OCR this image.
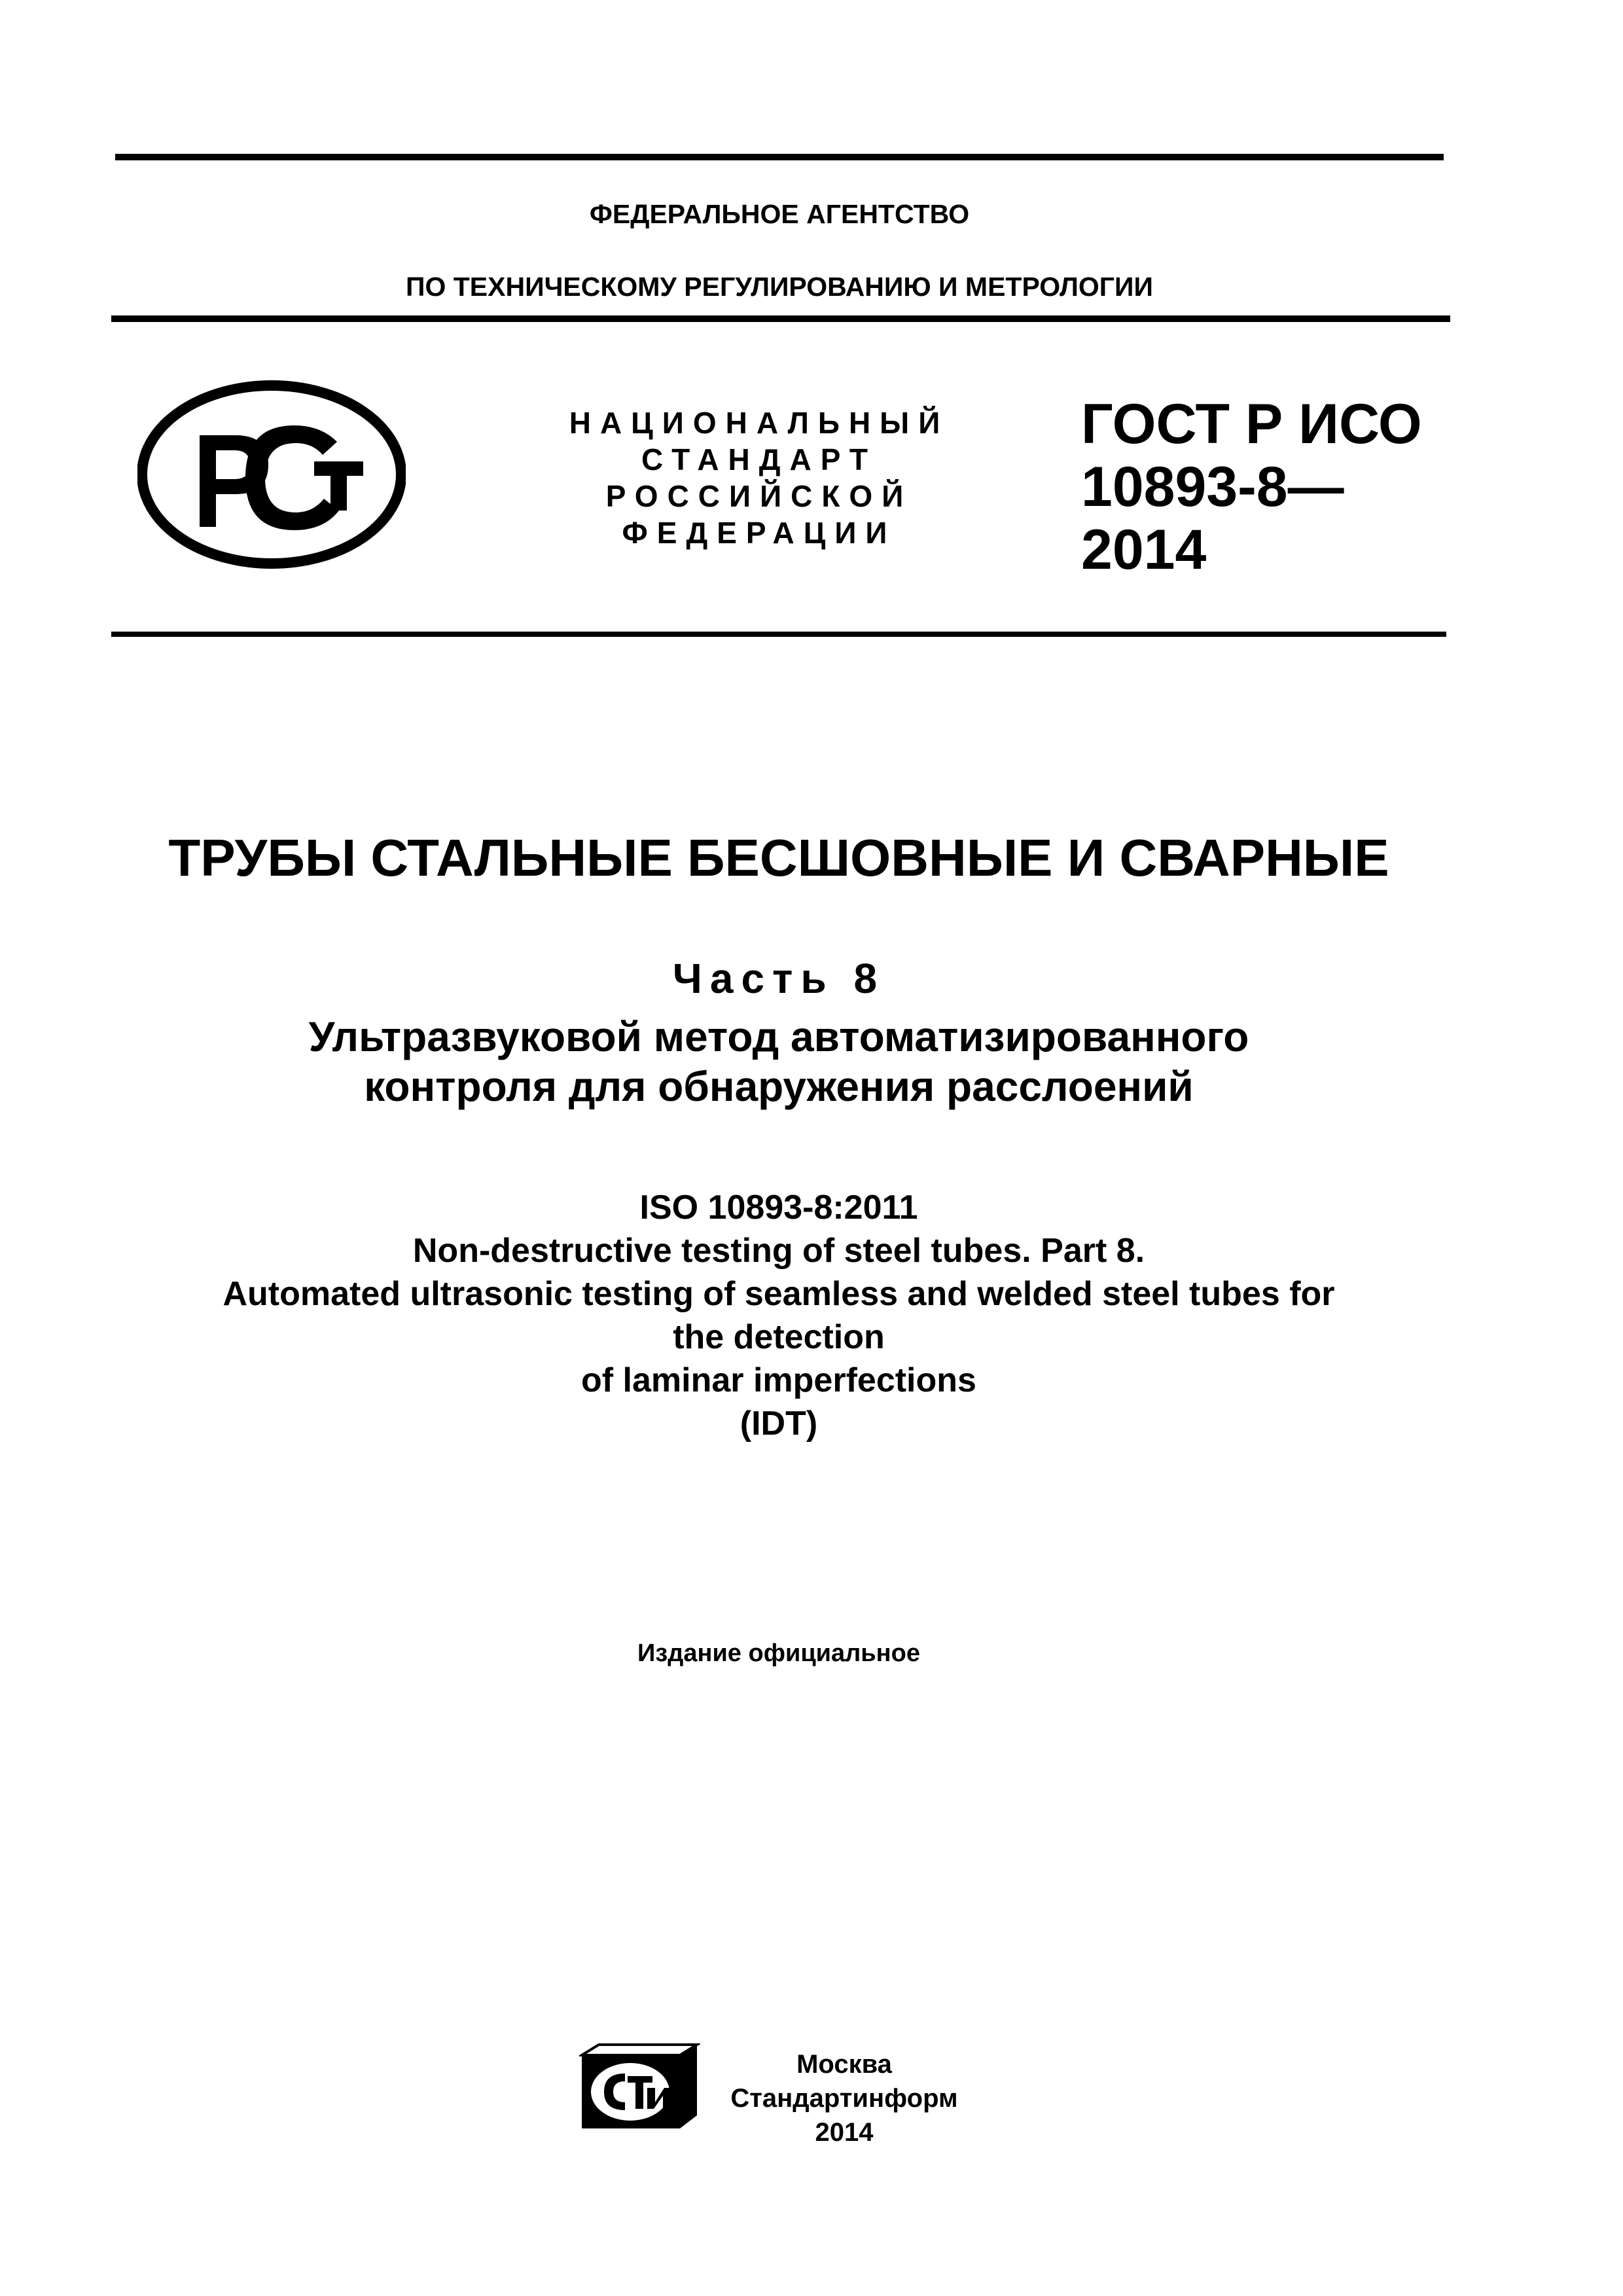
ФЕДЕРАЛЬНОЕ АГЕНТСТВО
ПО ТЕХНИЧЕСКОМУ РЕГУЛИРОВАНИЮ И МЕТРОЛОГИИ
НАЦИОНАЛЬНЫЙ
СТАНДАРТ
РОССИЙСКОЙ
ФЕДЕРАЦИИ
ГОСТ Р ИСО
10893-8—
2014
ТРУБЫ СТАЛЬНЫЕ БЕСШОВНЫЕ И СВАРНЫЕ
Часть 8
Ультразвуковой метод автоматизированного
контроля для обнаружения расслоений
ISO 10893-8:2011
Non-destructive testing of steel tubes. Part 8.
Automated ultrasonic testing of seamless and welded steel tubes for
the detection
of laminar imperfections
(IDT)
Издание официальное
Москва
Стандартинформ
2014
